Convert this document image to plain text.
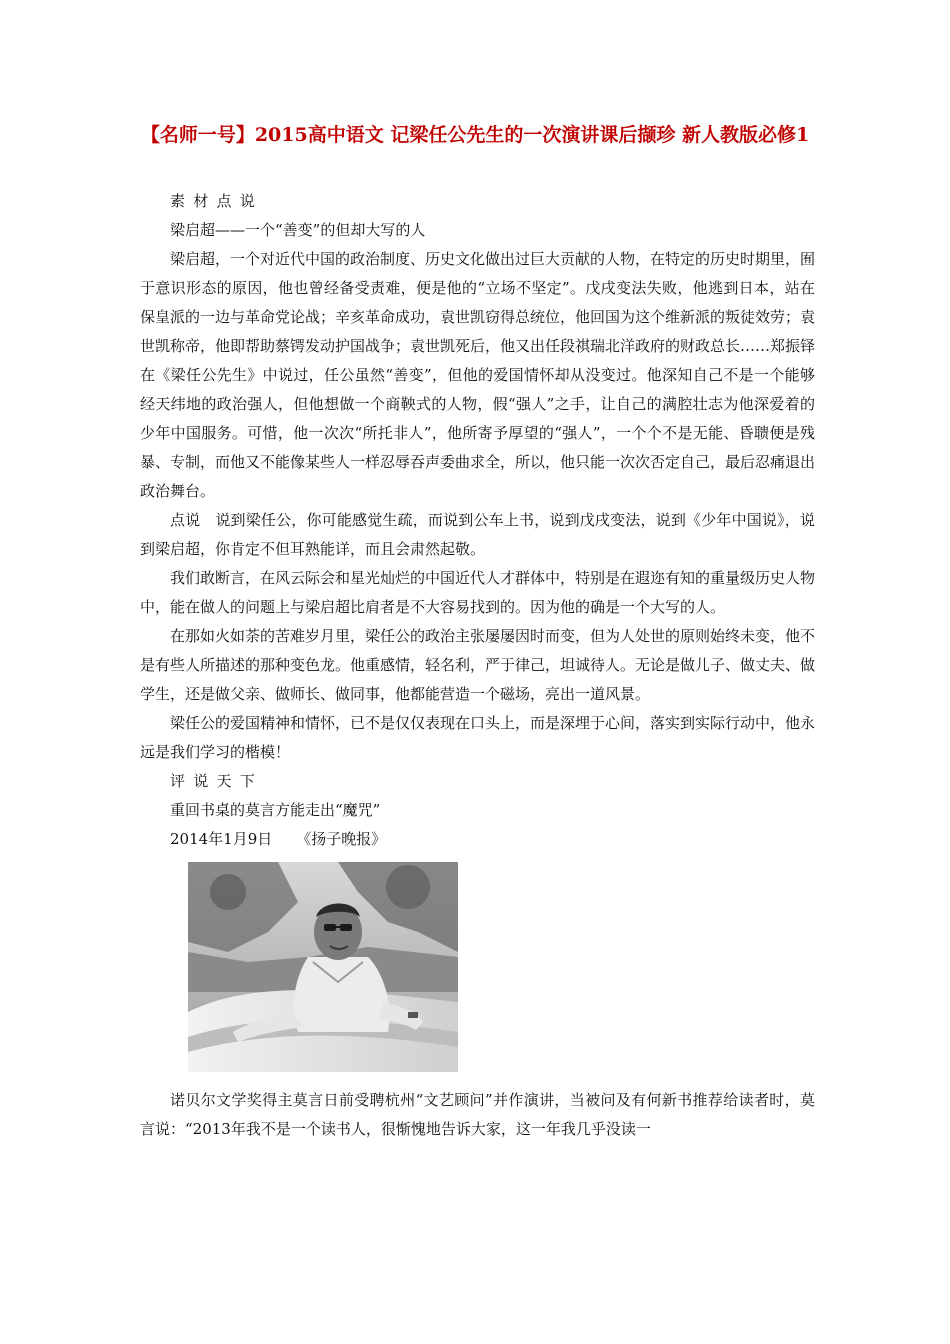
【名师一号】2015高中语文 记梁任公先生的一次演讲课后撷珍 新人教版必修1
素材点说
梁启超——一个“善变”的但却大写的人

梁启超，一个对近代中国的政治制度、历史文化做出过巨大贡献的人物，在特定的历史时期里，囿于意识形态的原因，他也曾经备受责难，便是他的“立场不坚定”。戊戌变法失败，他逃到日本，站在保皇派的一边与革命党论战；辛亥革命成功，袁世凯窃得总统位，他回国为这个维新派的叛徒效劳；袁世凯称帝，他即帮助蔡锷发动护国战争；袁世凯死后，他又出任段祺瑞北洋政府的财政总长……郑振铎在《梁任公先生》中说过，任公虽然“善变”，但他的爱国情怀却从没变过。他深知自己不是一个能够经天纬地的政治强人，但他想做一个商鞅式的人物，假“强人”之手，让自己的满腔壮志为他深爱着的少年中国服务。可惜，他一次次“所托非人”，他所寄予厚望的“强人”，一个个不是无能、昏聩便是残暴、专制，而他又不能像某些人一样忍辱吞声委曲求全，所以，他只能一次次否定自己，最后忍痛退出政治舞台。

点说 说到梁任公，你可能感觉生疏，而说到公车上书，说到戊戌变法，说到《少年中国说》，说到梁启超，你肯定不但耳熟能详，而且会肃然起敬。

我们敢断言，在风云际会和星光灿烂的中国近代人才群体中，特别是在遐迩有知的重量级历史人物中，能在做人的问题上与梁启超比肩者是不大容易找到的。因为他的确是一个大写的人。

在那如火如荼的苦难岁月里，梁任公的政治主张屡屡因时而变，但为人处世的原则始终未变，他不是有些人所描述的那种变色龙。他重感情，轻名利，严于律己，坦诚待人。无论是做儿子、做丈夫、做学生，还是做父亲、做师长、做同事，他都能营造一个磁场，亮出一道风景。

梁任公的爱国精神和情怀，已不是仅仅表现在口头上，而是深埋于心间，落实到实际行动中，他永远是我们学习的楷模！

评说天下
重回书桌的莫言方能走出“魔咒”
2014年1月9日 《扬子晚报》

诺贝尔文学奖得主莫言日前受聘杭州“文艺顾问”并作演讲，当被问及有何新书推荐给读者时，莫言说：“2013年我不是一个读书人，很惭愧地告诉大家，这一年我几乎没读一
